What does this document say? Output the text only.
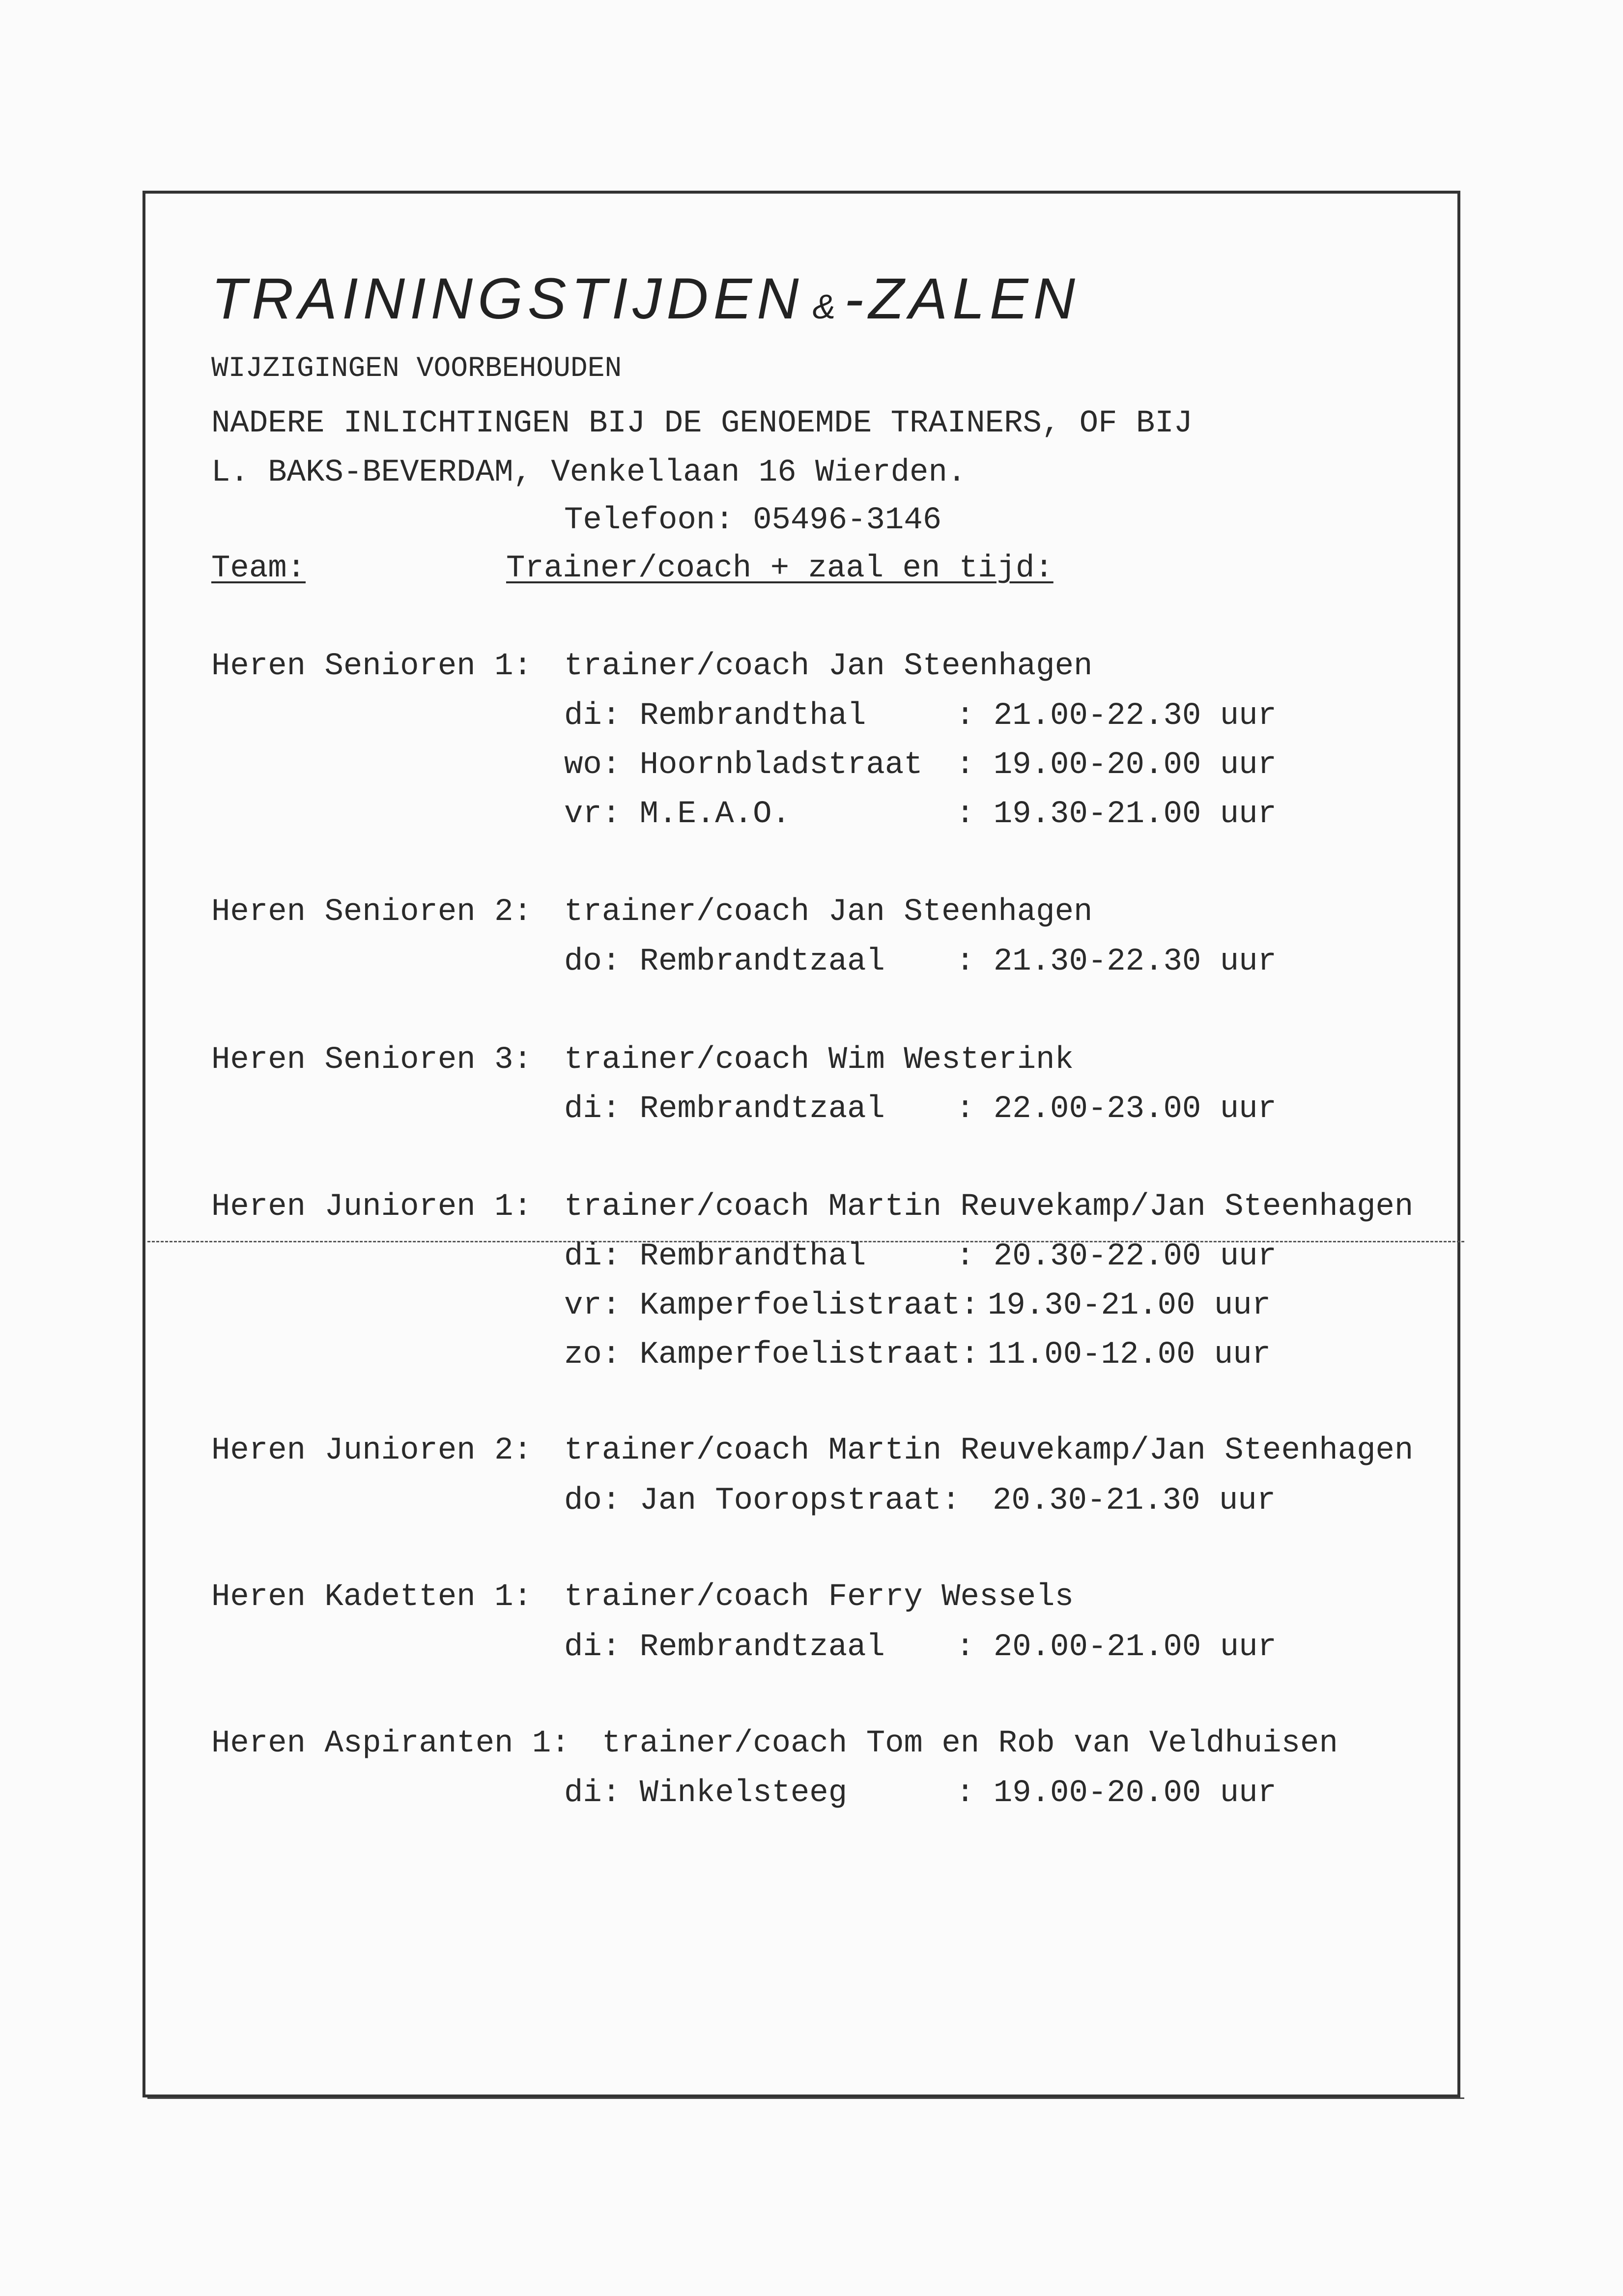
TRAININGSTIJDEN & -ZALEN
WIJZIGINGEN VOORBEHOUDEN
NADERE INLICHTINGEN BIJ DE GENOEMDE TRAINERS, OF BIJ
L. BAKS-BEVERDAM, Venkellaan 16 Wierden.
Telefoon: 05496-3146
Team:	Trainer/coach + zaal en tijd:
Heren Senioren 1: trainer/coach Jan Steenhagen
di: Rembrandthal	: 21.00-22.30 uur
wo: Hoornbladstraat : 19.00-20.00 uur
vr: M.E.A.O.	: 19.30-21.00 uur
Heren Senioren 2: trainer/coach Jan Steenhagen
do: Rembrandtzaal : 21.30-22.30 uur
Heren Senioren 3: trainer/coach Wim Westerink
di: Rembrandtzaal : 22.00-23.00 uur
Heren Junioren 1: trainer/coach Martin Reuvekamp/Jan Steenhagen
di: Rembrandthal	: 20.30-22.00 uur
vr: Kamperfoelistraat: 19.30-21.00 uur
zo: Kamperfoelistraat: 11.00-12.00 uur
Heren Junioren 2: trainer/coach Martin Reuvekamp/Jan Steenhagen
do: Jan Tooropstraat: 20.30-21.30 uur
Heren Kadetten 1: trainer/coach Ferry Wessels
di: Rembrandtzaal : 20.00-21.00 uur
Heren Aspiranten 1: trainer/coach Tom en Rob van Veldhuisen
di: Winkelsteeg	: 19.00-20.00 uur
